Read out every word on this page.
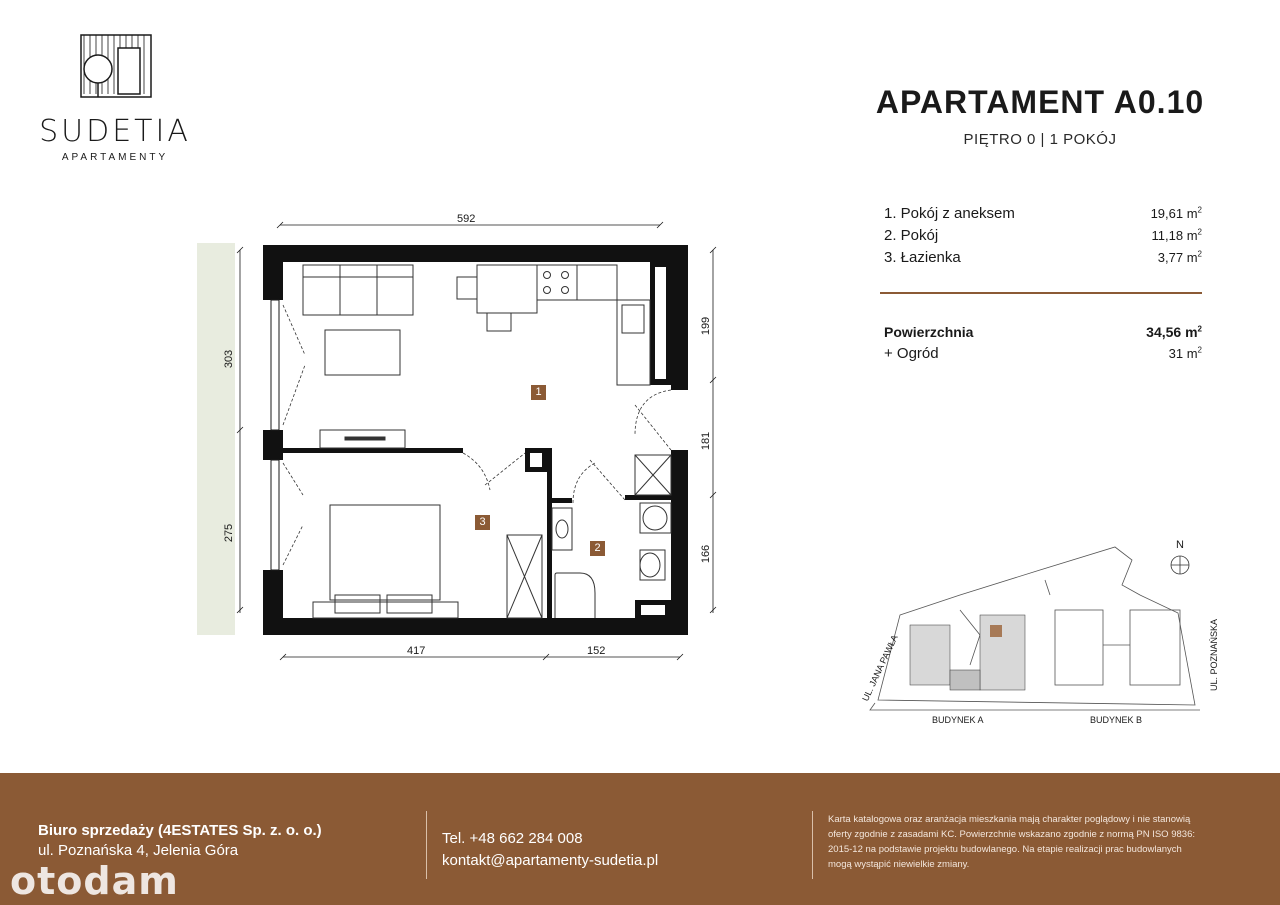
SUDETIA
APARTAMENTY
APARTAMENT A0.10
PIĘTRO 0 | 1 POKÓJ
1. Pokój z aneksem	19,61 $m^2$
2. Pokój	11,18 $m^2$
3. Łazienka	3,77 $m^2$
Powierzchnia	34,56 $m^2$
+ Ogród	31 $m^2$
592
303
275
199
181
166
417	152
1
2
3
N
UL. JANA PAWŁA	UL. POZNAŃSKA
BUDYNEK A	BUDYNEK B
Biuro sprzedaży (4ESTATES Sp. z. o. o.)
ul. Poznańska 4, Jelenia Góra
Tel. +48 662 284 008
kontakt@apartamenty-sudetia.pl
Karta katalogowa oraz aranżacja mieszkania mają charakter poglądowy i nie stanowią oferty zgodnie z zasadami KC. Powierzchnie wskazano zgodnie z normą PN ISO 9836: 2015-12 na podstawie projektu budowlanego. Na etapie realizacji prac budowlanych mogą wystąpić niewielkie zmiany.
otodam
